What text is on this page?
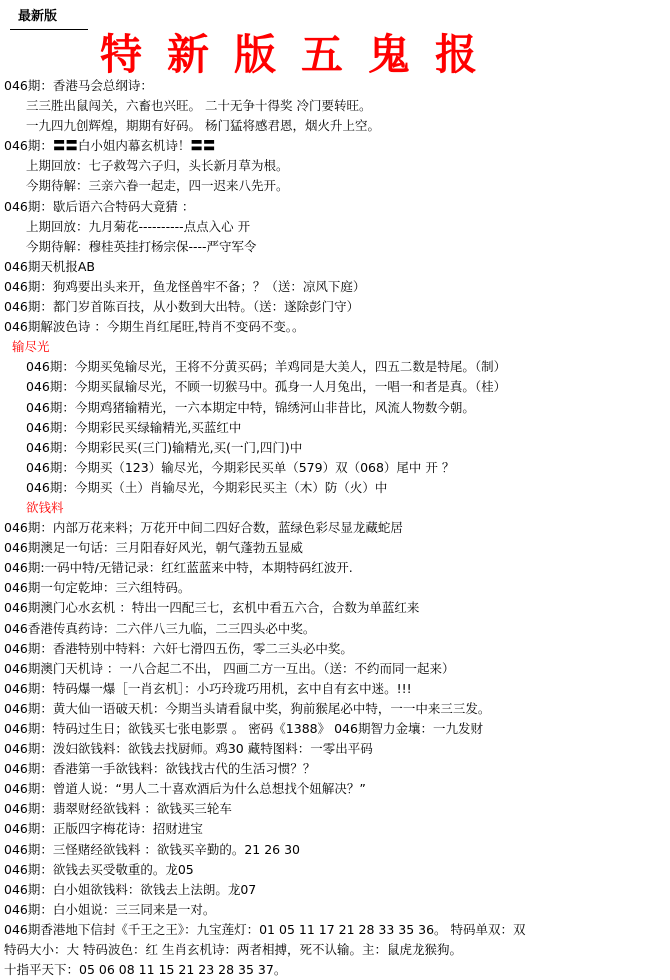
最新版
特新版五鬼报
046期：香港马会总纲诗：
三三胜出鼠闯关，六畜也兴旺。 二十无争十得奖 冷门要转旺。
一九四九创辉煌，期期有好码。 杨门猛将感君恩，烟火升上空。
046期：〓〓白小姐内幕玄机诗！〓〓
上期回放：七子救驾六子归，头长新月草为根。
今期待解：三亲六眷一起走，四一迟来八先开。
046期：歇后语六合特码大竟猜 ：
上期回放：九月菊花----------点点入心 开
今期待解：穆桂英挂打杨宗保----严守军令
046期天机报AB
046期：狗鸡要出头来开，鱼龙怪兽牢不备；？（送：凉风下庭）
046期：都门岁首陈百技，从小数到大出特。（送：遂除彭门守）
046期解波色诗 ：今期生肖红尾旺,特肖不变码不变。。
输尽光
046期：今期买兔输尽光，王将不分黄买码；羊鸡同是大美人，四五二数是特尾。（制）
046期：今期买鼠输尽光，不顾一切猴马中。孤身一人月兔出，一唱一和者是真。（桂）
046期：今期鸡猪输精光，一六本期定中特，锦绣河山非昔比，风流人物数今朝。
046期：今期彩民买绿输精光,买蓝红中
046期：今期彩民买(三门)输精光,买(一门,四门)中
046期：今期买（123）输尽光，今期彩民买单（579）双（068）尾中 开 ？
046期：今期买（土）肖输尽光，今期彩民买主（木）防（火）中
欲钱料
046期：内部万花来料；万花开中间二四好合数，蓝绿色彩尽显龙藏蛇居
046期澳足一句话：三月阳春好风光，朝气蓬勃五显威
046期:一码中特/无错记录：红红蓝蓝来中特，本期特码红波开.
046期一句定乾坤：三六组特码。
046期澳门心水玄机 ：特出一四配三七，玄机中看五六合，合数为单蓝红来
046香港传真药诗：二六伴八三九临，二三四头必中奖。
046期：香港特别中特料：六奸七滑四五伤，零二三头必中奖。
046期澳门天机诗 ：一八合起二不出， 四画二方一互出。（送：不约而同一起来）
046期：特码爆一爆［一肖玄机］：小巧玲珑巧用机，玄中自有玄中迷。!!!
046期：黄大仙一语破天机：今期当头请看鼠中奖，狗前猴尾必中特，一一中来三三发。
046期：特码过生日；欲钱买七张电影票 。 密码《1388》 046期智力金壤：一九发财
046期：泼妇欲钱料：欲钱去找厨师。鸡30 藏特图料：一零出平码
046期：香港第一手欲钱料：欲钱找古代的生活习惯？？
046期：曾道人说：“男人二十喜欢酒后为什么总想找个妞解决？”
046期：翡翠财经欲钱料 ：欲钱买三轮车
046期：正版四字梅花诗：招财进宝
046期：三怪赌经欲钱料 ：欲钱买辛勤的。21 26 30
046期：欲钱去买受敬重的。龙05
046期：白小姐欲钱料：欲钱去上法朗。龙07
046期：白小姐说：三三同来是一对。
046期香港地下信封《千王之王》：九宝莲灯：01 05 11 17 21 28 33 35 36。 特码单双：双
特码大小：大 特码波色：红 生肖玄机诗：两者相搏，死不认输。主：鼠虎龙猴狗。
十指平天下：05 06 08 11 15 21 23 28 35 37。
